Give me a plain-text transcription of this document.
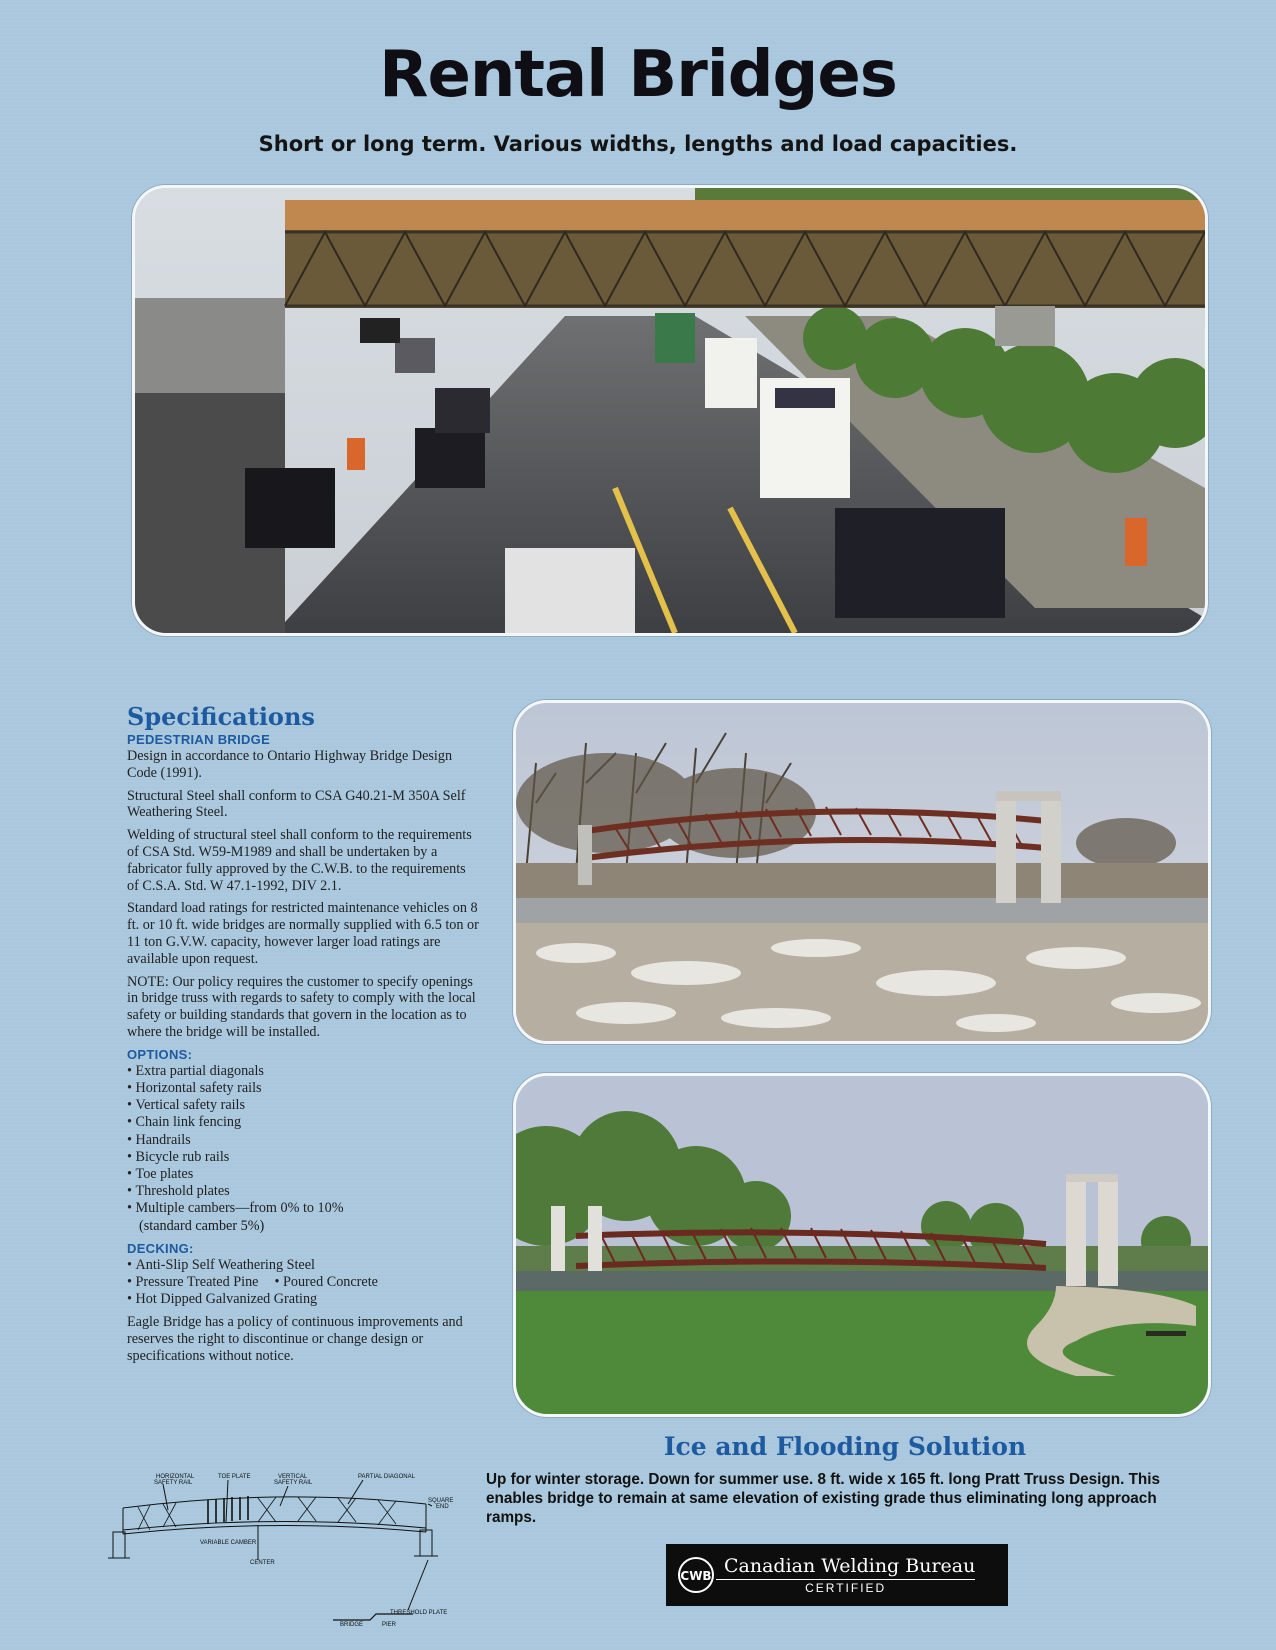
Rental Bridges
Short or long term. Various widths, lengths and load capacities.
Specifications
PEDESTRIAN BRIDGE

Design in accordance to Ontario Highway Bridge Design Code (1991).

Structural Steel shall conform to CSA G40.21-M 350A Self Weathering Steel.

Welding of structural steel shall conform to the requirements of CSA Std. W59-M1989 and shall be undertaken by a fabricator fully approved by the C.W.B. to the requirements of C.S.A. Std. W 47.1-1992, DIV 2.1.

Standard load ratings for restricted maintenance vehicles on 8 ft. or 10 ft. wide bridges are normally supplied with 6.5 ton or 11 ton G.V.W. capacity, however larger load ratings are available upon request.

NOTE: Our policy requires the customer to specify openings in bridge truss with regards to safety to comply with the local safety or building standards that govern in the location as to where the bridge will be installed.

OPTIONS:
• Extra partial diagonals
• Horizontal safety rails
• Vertical safety rails
• Chain link fencing
• Handrails
• Bicycle rub rails
• Toe plates
• Threshold plates
• Multiple cambers—from 0% to 10%
(standard camber 5%)
DECKING:
• Anti-Slip Self Weathering Steel
• Pressure Treated Pine
•	Poured Concrete
• Hot Dipped Galvanized Grating

Eagle Bridge has a policy of continuous improvements and reserves the right to discontinue or change design or specifications without notice.

HORIZONTAL
SAFETY RAIL
TOE PLATE	VERTICAL
SAFETY RAIL
PARTIAL DIAGONAL
SQUARE
END
VARIABLE CAMBER
CENTER
THRESHOLD PLATE
BRIDGE	PIER
Ice and Flooding Solution
Up for winter storage. Down for summer use. 8 ft. wide x 165 ft. long Pratt Truss Design. This enables bridge to remain at same elevation of existing grade thus eliminating long approach ramps.
CWB Canadian Welding Bureau
CERTIFIED
